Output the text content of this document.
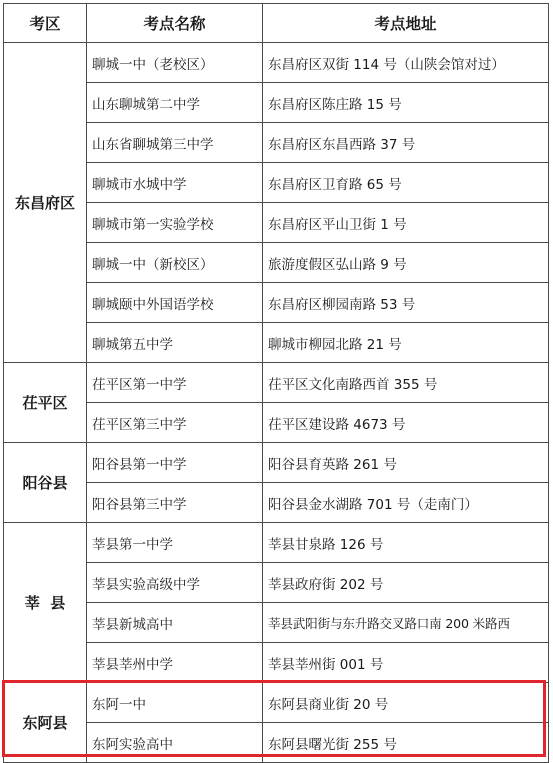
考区	考点名称	考点地址
东昌府区	聊城一中（老校区）	东昌府区双街 114 号（山陕会馆对过）
	山东聊城第二中学	东昌府区陈庄路 15 号
	山东省聊城第三中学	东昌府区东昌西路 37 号
	聊城市水城中学	东昌府区卫育路 65 号
	聊城市第一实验学校	东昌府区平山卫街 1 号
	聊城一中（新校区）	旅游度假区弘山路 9 号
	聊城颐中外国语学校	东昌府区柳园南路 53 号
	聊城第五中学	聊城市柳园北路 21 号
茌平区	茌平区第一中学	茌平区文化南路西首 355 号
	茌平区第三中学	茌平区建设路 4673 号
阳谷县	阳谷县第一中学	阳谷县育英路 261 号
	阳谷县第三中学	阳谷县金水湖路 701 号（走南门）
莘  县	莘县第一中学	莘县甘泉路 126 号
	莘县实验高级中学	莘县政府街 202 号
	莘县新城高中	莘县武阳街与东升路交叉路口南 200 米路西
	莘县莘州中学	莘县莘州街 001 号
东阿县	东阿一中	东阿县商业街 20 号
	东阿实验高中	东阿县曙光街 255 号
